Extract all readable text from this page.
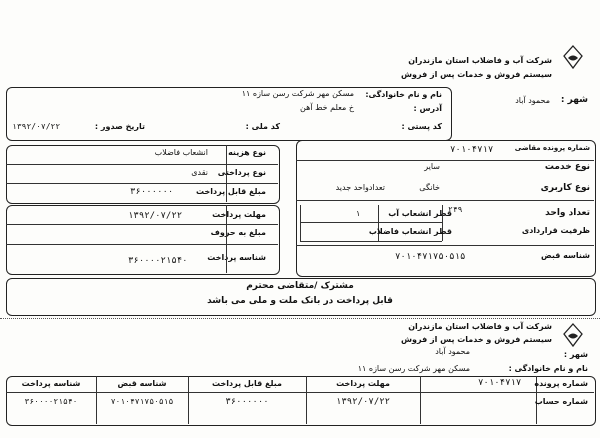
شرکت آب و فاضلاب استان مازندران
سیستم فروش و خدمات پس از فروش
شهر :
محمود آباد
نام و نام خانوادگی:
مسکن مهر شرکت رسن سازه ۱۱
آدرس :
خ معلم خط آهن
کد پستی :
کد ملی :
تاریخ صدور :
۱۳۹۲/۰۷/۲۲
شماره پرونده مقاضی
۷۰۱۰۴۷۱۷
نوع خدمت
سایر
نوع کاربری
خانگی
تعدادواحد جدید
تعداد واحد
۲۴۹
قطر انشعاب آب
۱
ظرفیت قراردادی
قطر انشعاب فاضلاب
شناسه قبض
۷۰۱۰۴۷۱۷۵۰۵۱۵
نوع هزینه
انشعاب فاضلاب
نوع پرداختی
نقدی
مبلغ قابل پرداخت
۳۶۰۰۰۰۰۰
مهلت پرداخت
۱۳۹۲/۰۷/۲۲
مبلغ به حروف
شناسه پرداخت
۳۶۰۰۰۰۲۱۵۴۰
مشترک /متقاضی محترم
قابل پرداخت در بانک ملت و ملی می باشد
شرکت آب و فاضلاب استان مازندران
سیستم فروش و خدمات پس از فروش
شهر :
محمود آباد
نام و نام خانوادگی :
مسکن مهر شرکت رسن سازه ۱۱
شماره پرونده
شماره حساب
۷۰۱۰۴۷۱۷
مهلت پرداخت
۱۳۹۲/۰۷/۲۲
مبلغ قابل پرداخت
۳۶۰۰۰۰۰۰
شناسه قبض
۷۰۱۰۴۷۱۷۵۰۵۱۵
شناسه پرداخت
۳۶۰۰۰۰۲۱۵۴۰
